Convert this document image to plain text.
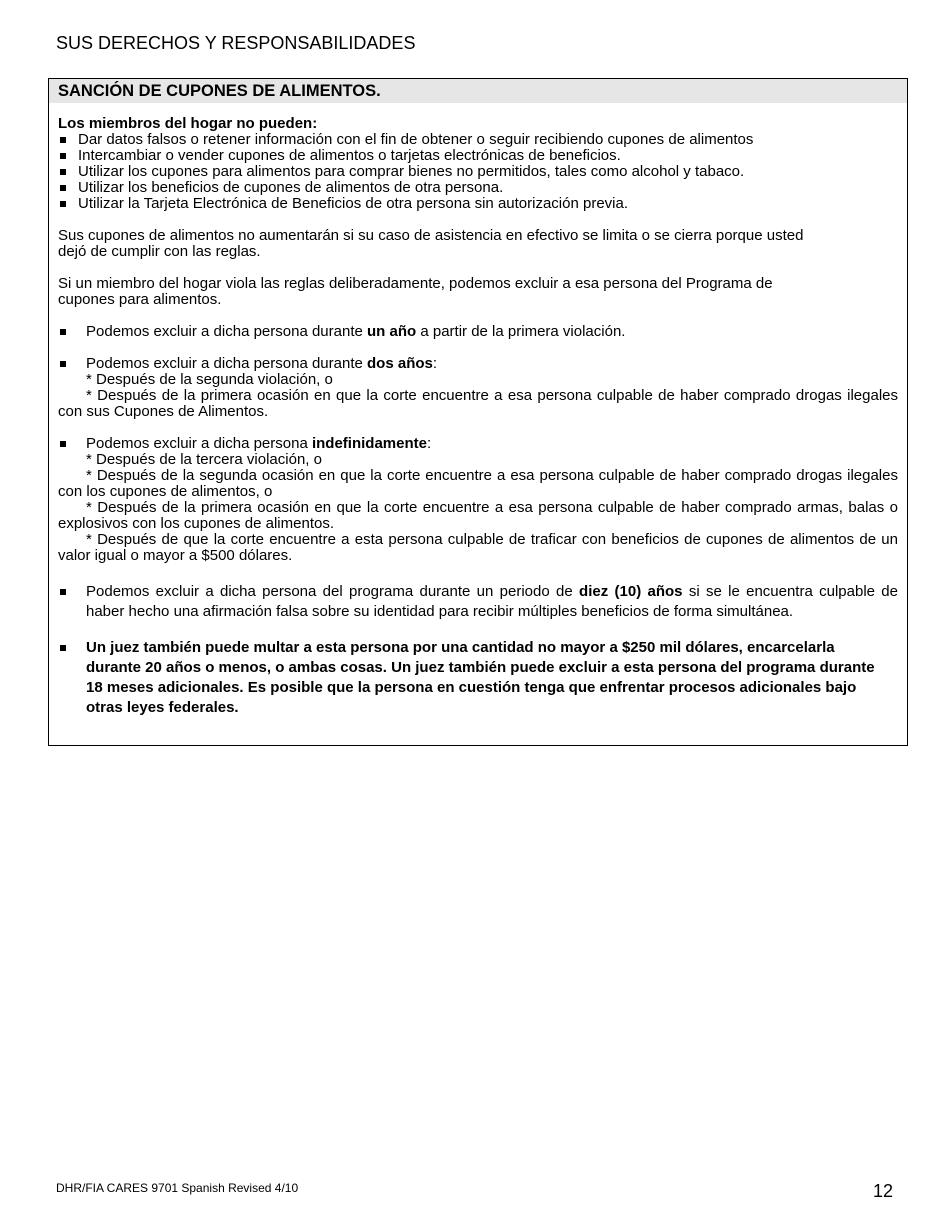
SUS DERECHOS Y RESPONSABILIDADES
SANCIÓN DE CUPONES DE ALIMENTOS.
Los miembros del hogar no pueden:
Dar datos falsos o retener información con el fin de obtener o seguir recibiendo cupones de alimentos
Intercambiar o vender cupones de alimentos o tarjetas electrónicas de beneficios.
Utilizar los cupones para alimentos para comprar bienes no permitidos, tales como alcohol y tabaco.
Utilizar los beneficios de cupones de alimentos de otra persona.
Utilizar la Tarjeta Electrónica de Beneficios de otra persona sin autorización previa.

Sus cupones de alimentos no aumentarán si su caso de asistencia en efectivo se limita o se cierra porque usted dejó de cumplir con las reglas.

Si un miembro del hogar viola las reglas deliberadamente, podemos excluir a esa persona del Programa de cupones para alimentos.

Podemos excluir a dicha persona durante un año a partir de la primera violación.
Podemos excluir a dicha persona durante dos años:
* Después de la segunda violación, o
* Después de la primera ocasión en que la corte encuentre a esa persona culpable de haber comprado drogas ilegales con sus Cupones de Alimentos.
Podemos excluir a dicha persona indefinidamente:
* Después de la tercera violación, o
* Después de la segunda ocasión en que la corte encuentre a esa persona culpable de haber comprado drogas ilegales con los cupones de alimentos, o
* Después de la primera ocasión en que la corte encuentre a esa persona culpable de haber comprado armas, balas o explosivos con los cupones de alimentos.
* Después de que la corte encuentre a esta persona culpable de traficar con beneficios de cupones de alimentos de un valor igual o mayor a $500 dólares.
Podemos excluir a dicha persona del programa durante un periodo de diez (10) años si se le encuentra culpable de haber hecho una afirmación falsa sobre su identidad para recibir múltiples beneficios de forma simultánea.
Un juez también puede multar a esta persona por una cantidad no mayor a $250 mil dólares, encarcelarla durante 20 años o menos, o ambas cosas. Un juez también puede excluir a esta persona del programa durante 18 meses adicionales. Es posible que la persona en cuestión tenga que enfrentar procesos adicionales bajo otras leyes federales.
DHR/FIA CARES 9701 Spanish Revised 4/10	12
